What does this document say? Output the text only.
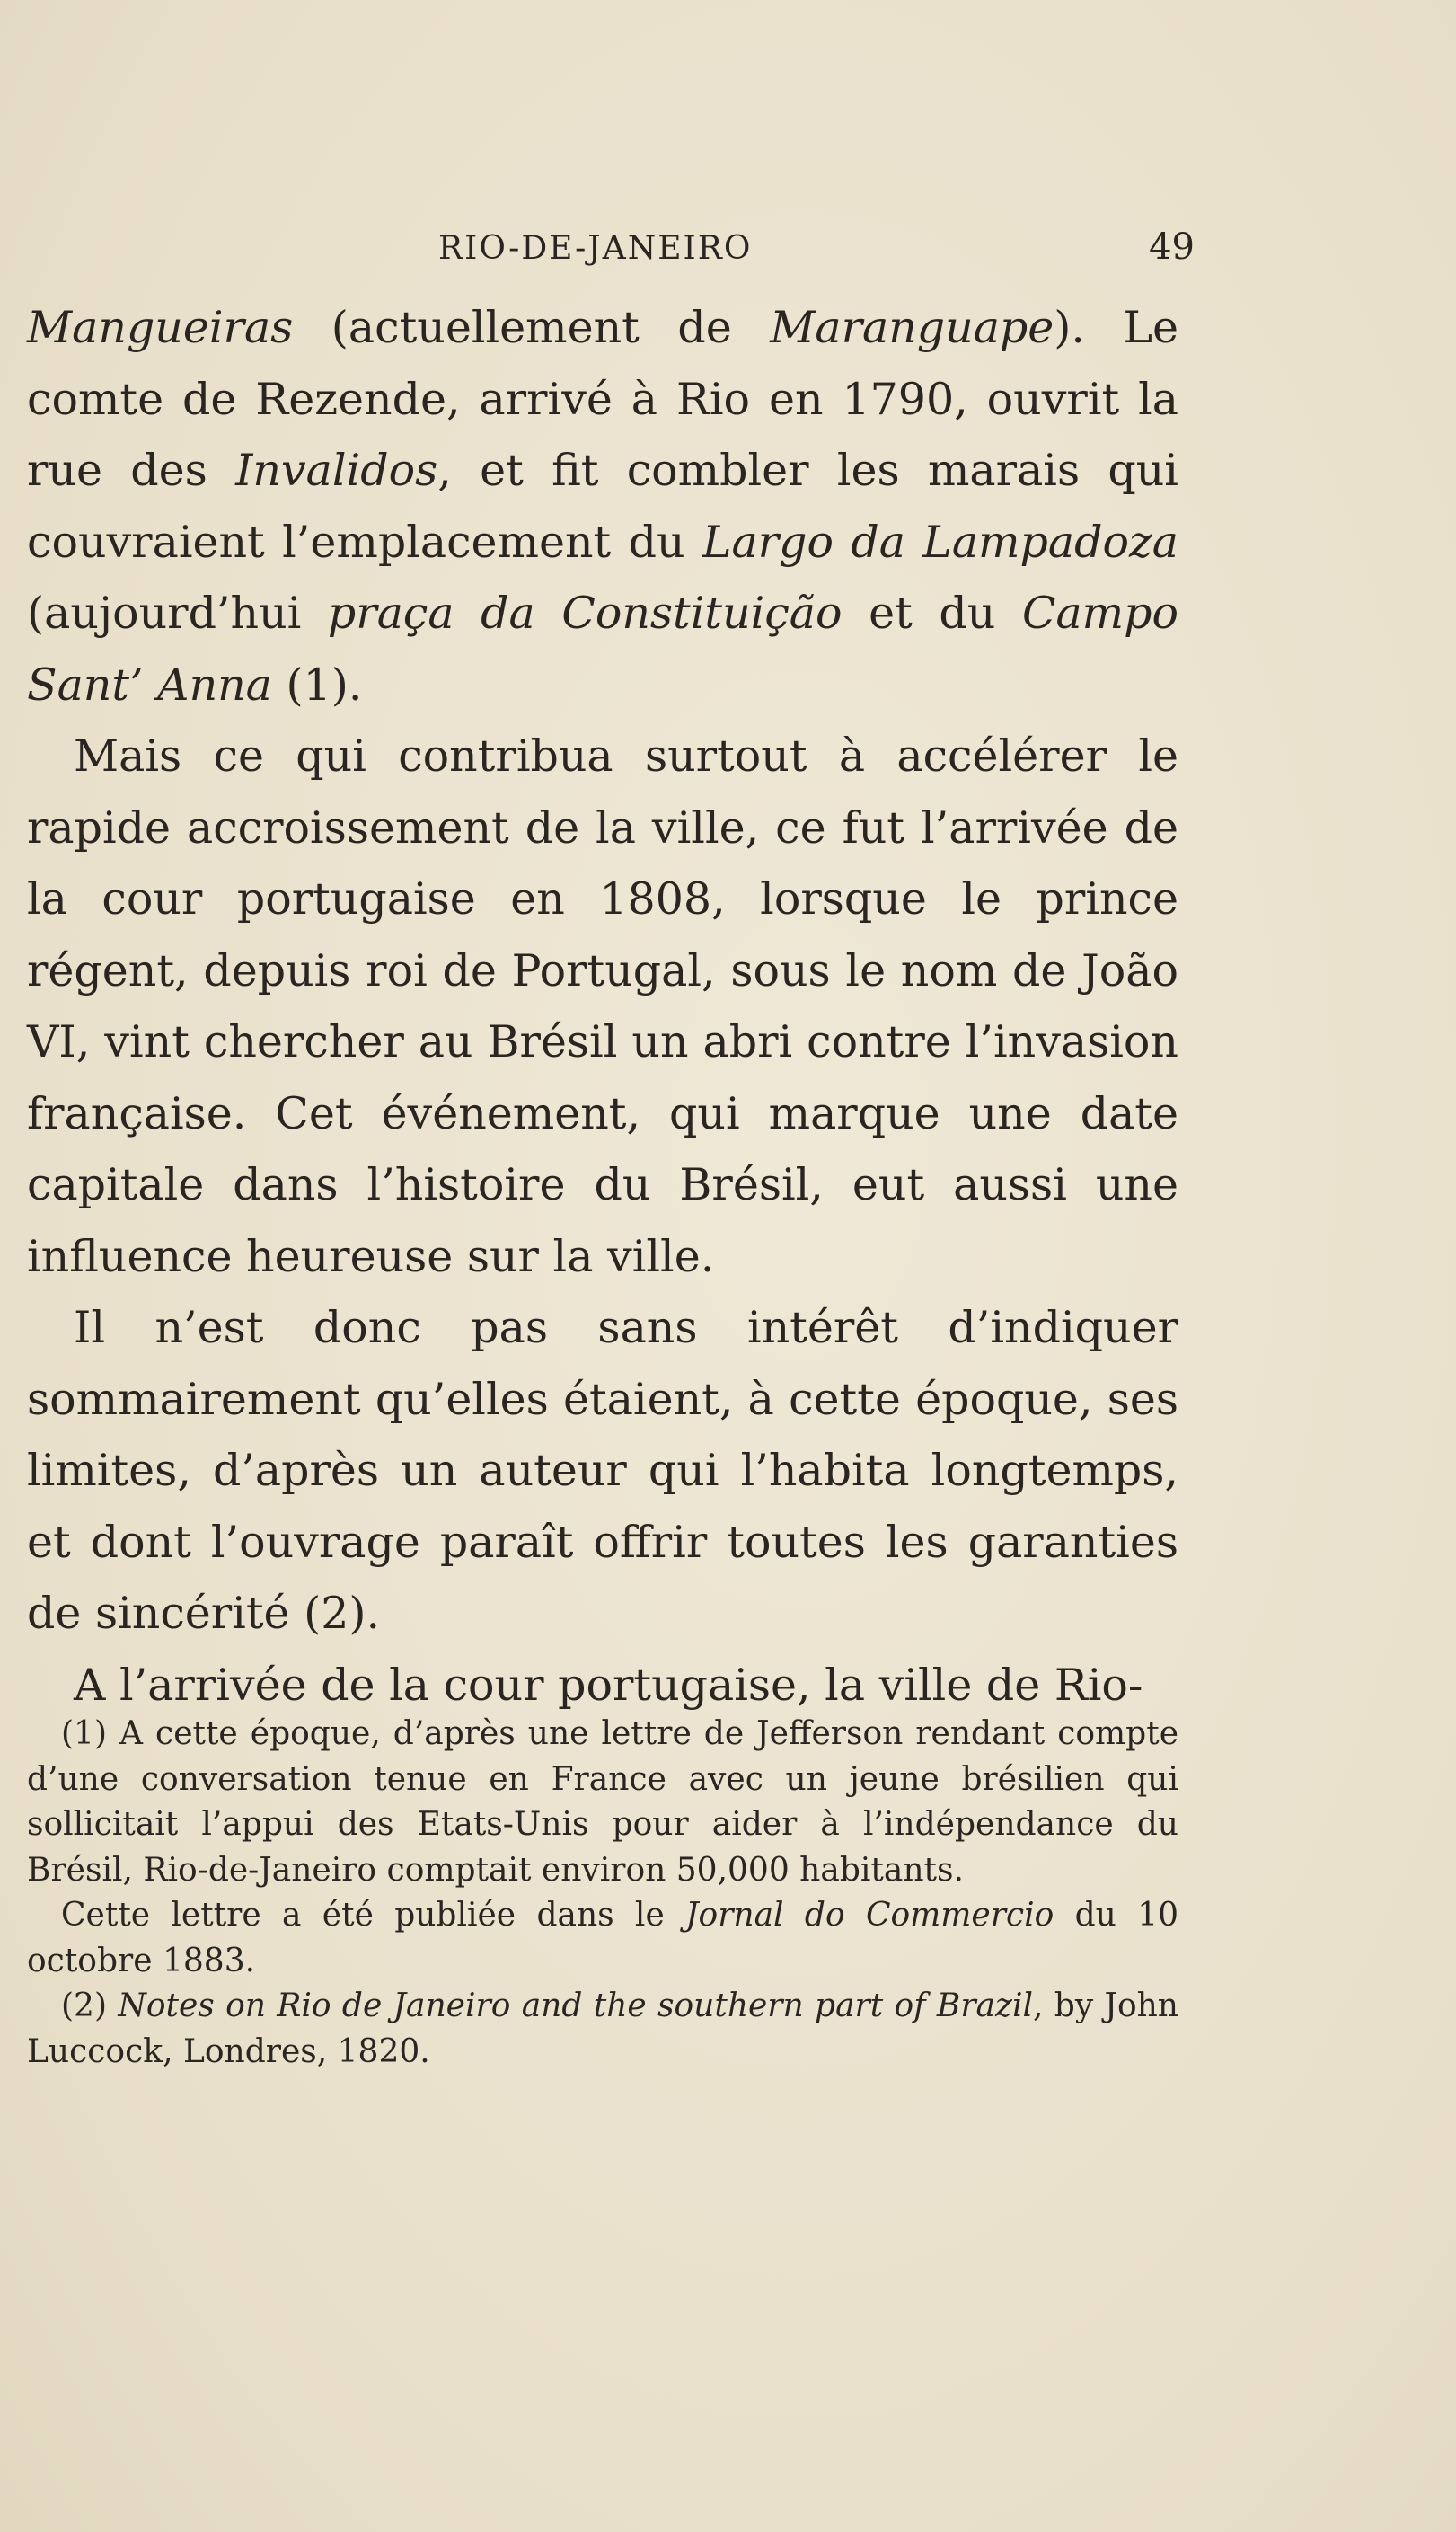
RIO-DE-JANEIRO	49

Mangueiras (actuellement de Maranguape). Le comte de Rezende, arrivé à Rio en 1790, ouvrit la rue des Invalidos, et fit combler les marais qui couvraient l’emplacement du Largo da Lampadoza (aujourd’hui praça da Constituição et du Campo Sant’ Anna (1).

Mais ce qui contribua surtout à accélérer le rapide accroissement de la ville, ce fut l’arrivée de la cour portugaise en 1808, lorsque le prince régent, depuis roi de Portugal, sous le nom de João VI, vint chercher au Brésil un abri contre l’invasion française. Cet événement, qui marque une date capitale dans l’histoire du Brésil, eut aussi une influence heureuse sur la ville.

Il n’est donc pas sans intérêt d’indiquer sommairement qu’elles étaient, à cette époque, ses limites, d’après un auteur qui l’habita longtemps, et dont l’ouvrage paraît offrir toutes les garanties de sincérité (2).

A l’arrivée de la cour portugaise, la ville de Rio-

(1) A cette époque, d’après une lettre de Jefferson rendant compte d’une conversation tenue en France avec un jeune brésilien qui sollicitait l’appui des Etats-Unis pour aider à l’indépendance du Brésil, Rio-de-Janeiro comptait environ 50,000 habitants.

Cette lettre a été publiée dans le Jornal do Commercio du 10 octobre 1883.

(2) Notes on Rio de Janeiro and the southern part of Brazil, by John Luccock, Londres, 1820.
